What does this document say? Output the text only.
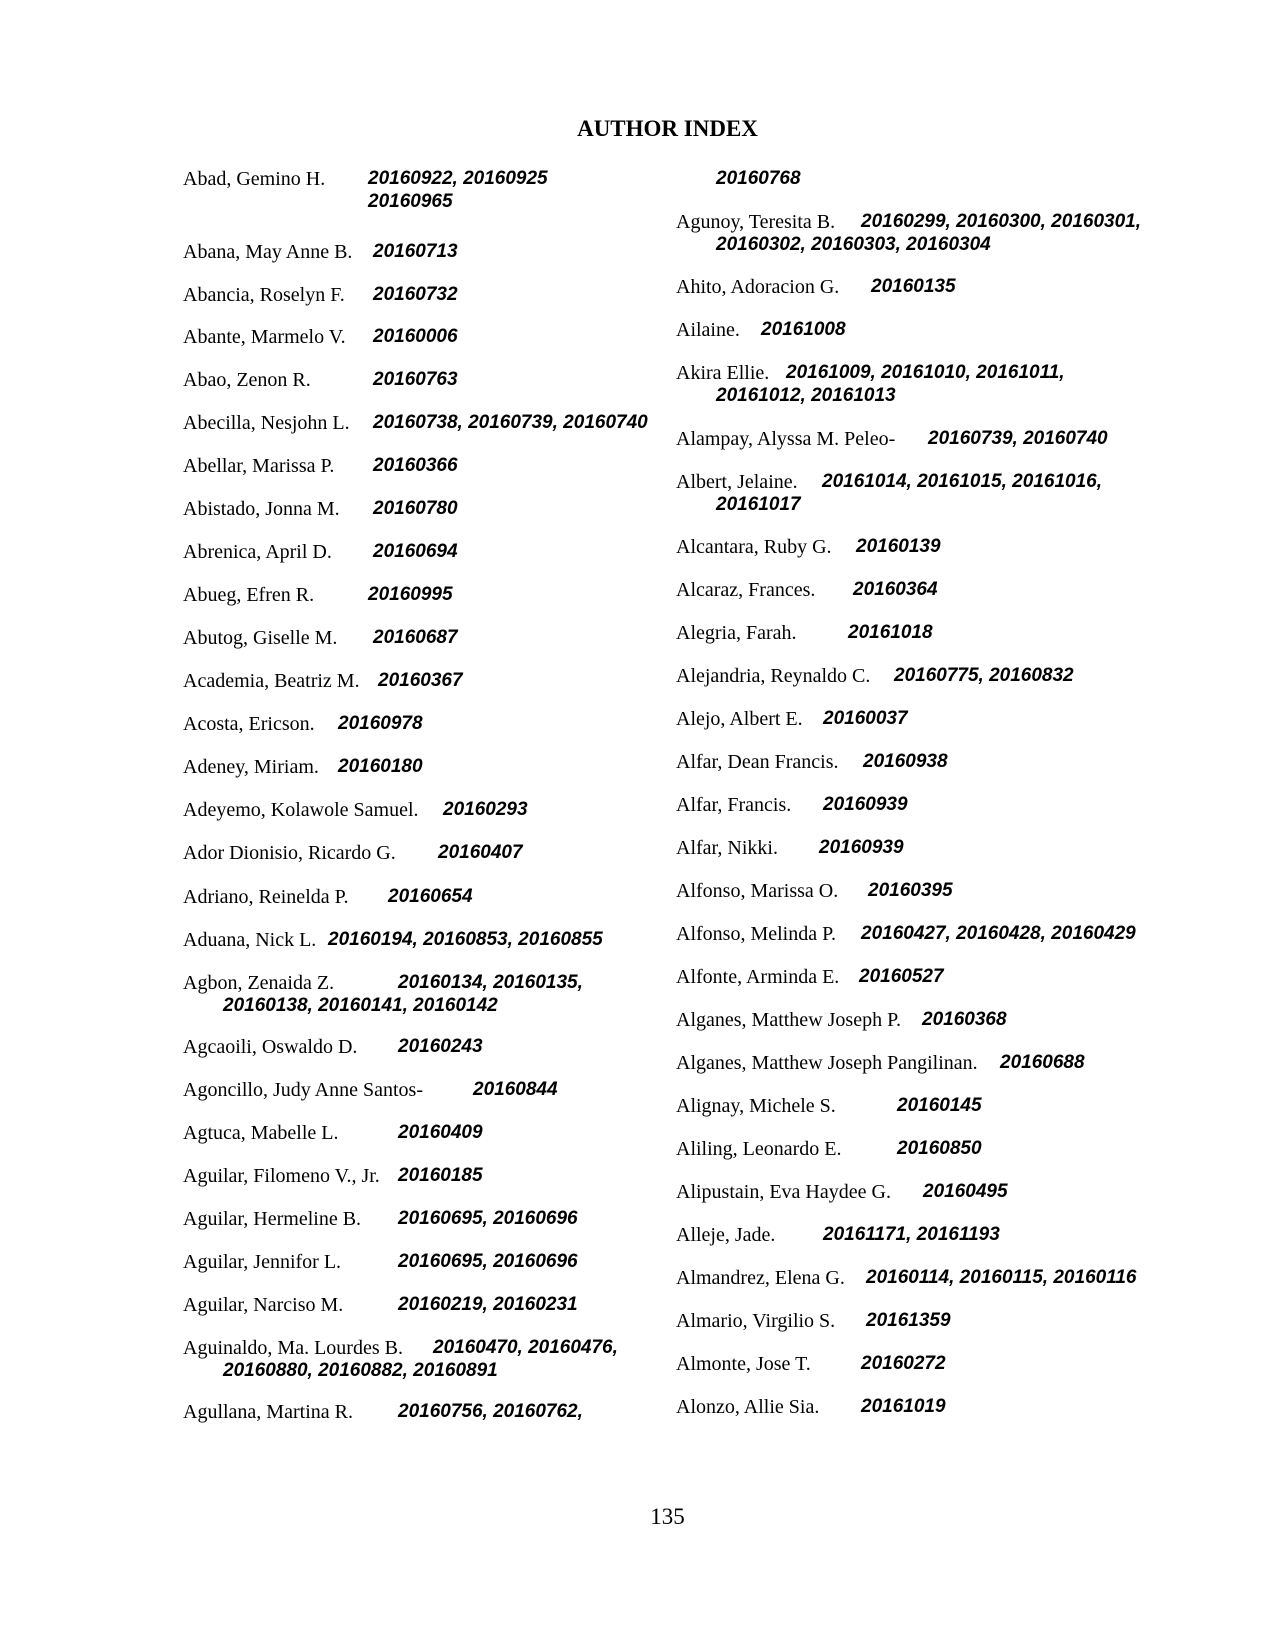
AUTHOR INDEX
Abad, Gemino H. 20160922, 20160925
20160965
Abana, May Anne B. 20160713
Abancia, Roselyn F. 20160732
Abante, Marmelo V. 20160006
Abao, Zenon R.	20160763
Abecilla, Nesjohn L. 20160738, 20160739, 20160740
Abellar, Marissa P. 20160366
Abistado, Jonna M. 20160780
Abrenica, April D. 20160694
Abueg, Efren R.	20160995
Abutog, Giselle M. 20160687
Academia, Beatriz M. 20160367
Acosta, Ericson. 20160978
Adeney, Miriam. 20160180
Adeyemo, Kolawole Samuel. 20160293
Ador Dionisio, Ricardo G. 20160407
Adriano, Reinelda P. 20160654
Aduana, Nick L. 20160194, 20160853, 20160855
Agbon, Zenaida Z.	20160134, 20160135,
20160138, 20160141, 20160142
Agcaoili, Oswaldo D. 20160243
Agoncillo, Judy Anne Santos-	20160844
Agtuca, Mabelle L.	20160409
Aguilar, Filomeno V., Jr. 20160185
Aguilar, Hermeline B. 20160695, 20160696
Aguilar, Jennifor L.	20160695, 20160696
Aguilar, Narciso M.	20160219, 20160231
Aguinaldo, Ma. Lourdes B. 20160470, 20160476,
20160880, 20160882, 20160891
Agullana, Martina R. 20160756, 20160762,
20160768
Agunoy, Teresita B. 20160299, 20160300, 20160301,
20160302, 20160303, 20160304
Ahito, Adoracion G. 20160135
Ailaine. 20161008
Akira Ellie. 20161009, 20161010, 20161011,
20161012, 20161013
Alampay, Alyssa M. Peleo- 20160739, 20160740
Albert, Jelaine. 20161014, 20161015, 20161016,
20161017
Alcantara, Ruby G. 20160139
Alcaraz, Frances. 20160364
Alegria, Farah.	20161018
Alejandria, Reynaldo C. 20160775, 20160832
Alejo, Albert E. 20160037
Alfar, Dean Francis. 20160938
Alfar, Francis. 20160939
Alfar, Nikki. 20160939
Alfonso, Marissa O. 20160395
Alfonso, Melinda P. 20160427, 20160428, 20160429
Alfonte, Arminda E. 20160527
Alganes, Matthew Joseph P. 20160368
Alganes, Matthew Joseph Pangilinan. 20160688
Alignay, Michele S.	20160145
Aliling, Leonardo E.	20160850
Alipustain, Eva Haydee G. 20160495
Alleje, Jade.	20161171, 20161193
Almandrez, Elena G. 20160114, 20160115, 20160116
Almario, Virgilio S. 20161359
Almonte, Jose T.	20160272
Alonzo, Allie Sia. 20161019
135
